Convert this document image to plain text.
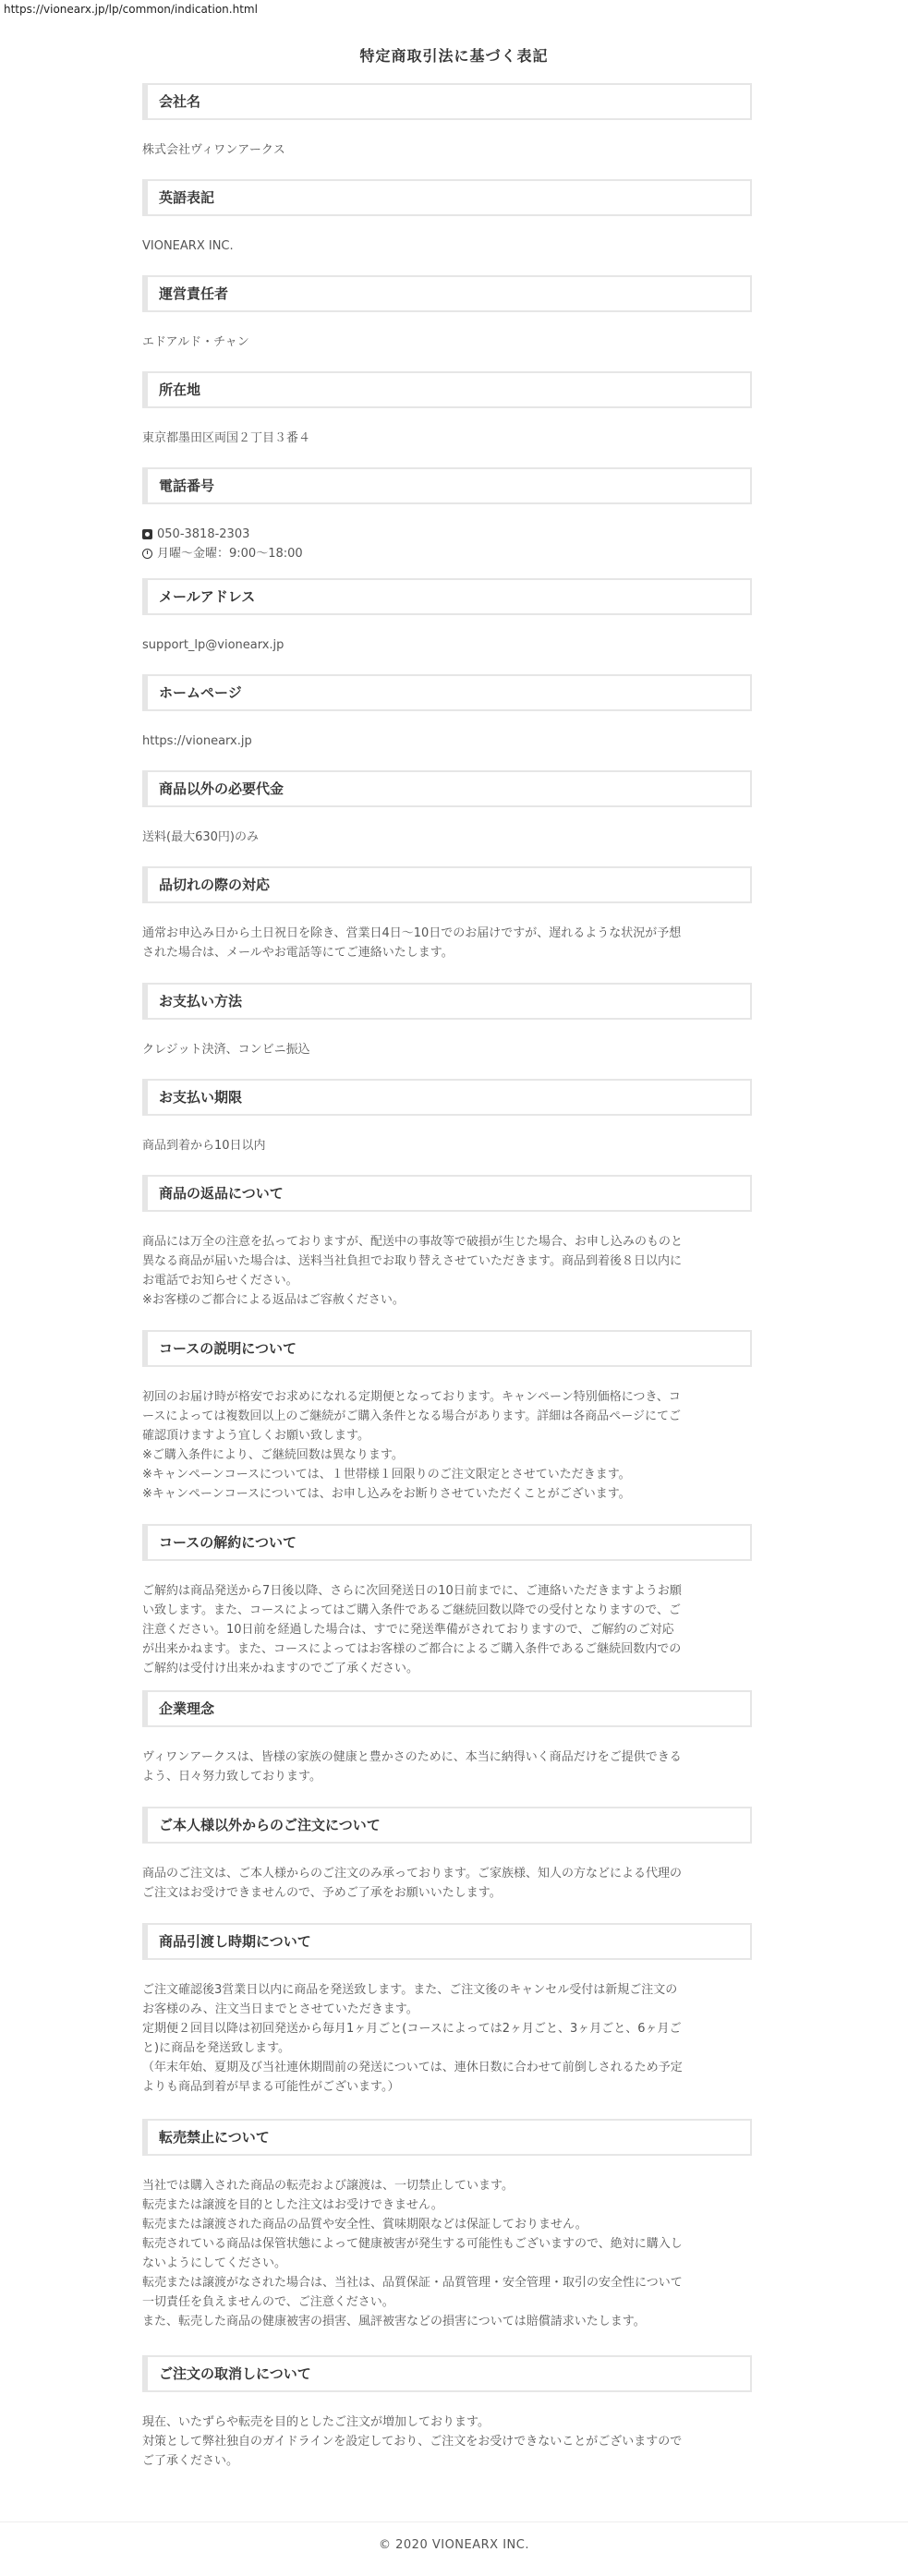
https://vionearx.jp/lp/common/indication.html
特定商取引法に基づく表記
会社名

株式会社ヴィワンアークス

英語表記

VIONEARX INC.

運営責任者

エドアルド・チャン

所在地

東京都墨田区両国２丁目３番４

電話番号
050-3818-2303
月曜～金曜：9:00～18:00
メールアドレス

support_lp@vionearx.jp

ホームページ

https://vionearx.jp

商品以外の必要代金

送料(最大630円)のみ

品切れの際の対応

通常お申込み日から土日祝日を除き、営業日4日～10日でのお届けですが、遅れるような状況が予想

された場合は、メールやお電話等にてご連絡いたします。

お支払い方法

クレジット決済、コンビニ振込

お支払い期限

商品到着から10日以内

商品の返品について

商品には万全の注意を払っておりますが、配送中の事故等で破損が生じた場合、お申し込みのものと

異なる商品が届いた場合は、送料当社負担でお取り替えさせていただきます。商品到着後８日以内に

お電話でお知らせください。

※お客様のご都合による返品はご容赦ください。

コースの説明について

初回のお届け時が格安でお求めになれる定期便となっております。キャンペーン特別価格につき、コ

ースによっては複数回以上のご継続がご購入条件となる場合があります。詳細は各商品ページにてご

確認頂けますよう宜しくお願い致します。

※ご購入条件により、ご継続回数は異なります。

※キャンペーンコースについては、１世帯様１回限りのご注文限定とさせていただきます。

※キャンペーンコースについては、お申し込みをお断りさせていただくことがございます。

コースの解約について

ご解約は商品発送から7日後以降、さらに次回発送日の10日前までに、ご連絡いただきますようお願

い致します。また、コースによってはご購入条件であるご継続回数以降での受付となりますので、ご

注意ください。10日前を経過した場合は、すでに発送準備がされておりますので、ご解約のご対応

が出来かねます。また、コースによってはお客様のご都合によるご購入条件であるご継続回数内での

ご解約は受付け出来かねますのでご了承ください。

企業理念

ヴィワンアークスは、皆様の家族の健康と豊かさのために、本当に納得いく商品だけをご提供できる

よう、日々努力致しております。

ご本人様以外からのご注文について

商品のご注文は、ご本人様からのご注文のみ承っております。ご家族様、知人の方などによる代理の

ご注文はお受けできませんので、予めご了承をお願いいたします。

商品引渡し時期について

ご注文確認後3営業日以内に商品を発送致します。また、ご注文後のキャンセル受付は新規ご注文の

お客様のみ、注文当日までとさせていただきます。

定期便２回目以降は初回発送から毎月1ヶ月ごと(コースによっては2ヶ月ごと、3ヶ月ごと、6ヶ月ご

と)に商品を発送致します。

（年末年始、夏期及び当社連休期間前の発送については、連休日数に合わせて前倒しされるため予定

よりも商品到着が早まる可能性がございます。）

転売禁止について

当社では購入された商品の転売および譲渡は、一切禁止しています。

転売または譲渡を目的とした注文はお受けできません。

転売または譲渡された商品の品質や安全性、賞味期限などは保証しておりません。

転売されている商品は保管状態によって健康被害が発生する可能性もございますので、絶対に購入し

ないようにしてください。

転売または譲渡がなされた場合は、当社は、品質保証・品質管理・安全管理・取引の安全性について

一切責任を負えませんので、ご注意ください。

また、転売した商品の健康被害の損害、風評被害などの損害については賠償請求いたします。

ご注文の取消しについて

現在、いたずらや転売を目的としたご注文が増加しております。

対策として弊社独自のガイドラインを設定しており、ご注文をお受けできないことがございますので

ご了承ください。

© 2020 VIONEARX INC.
